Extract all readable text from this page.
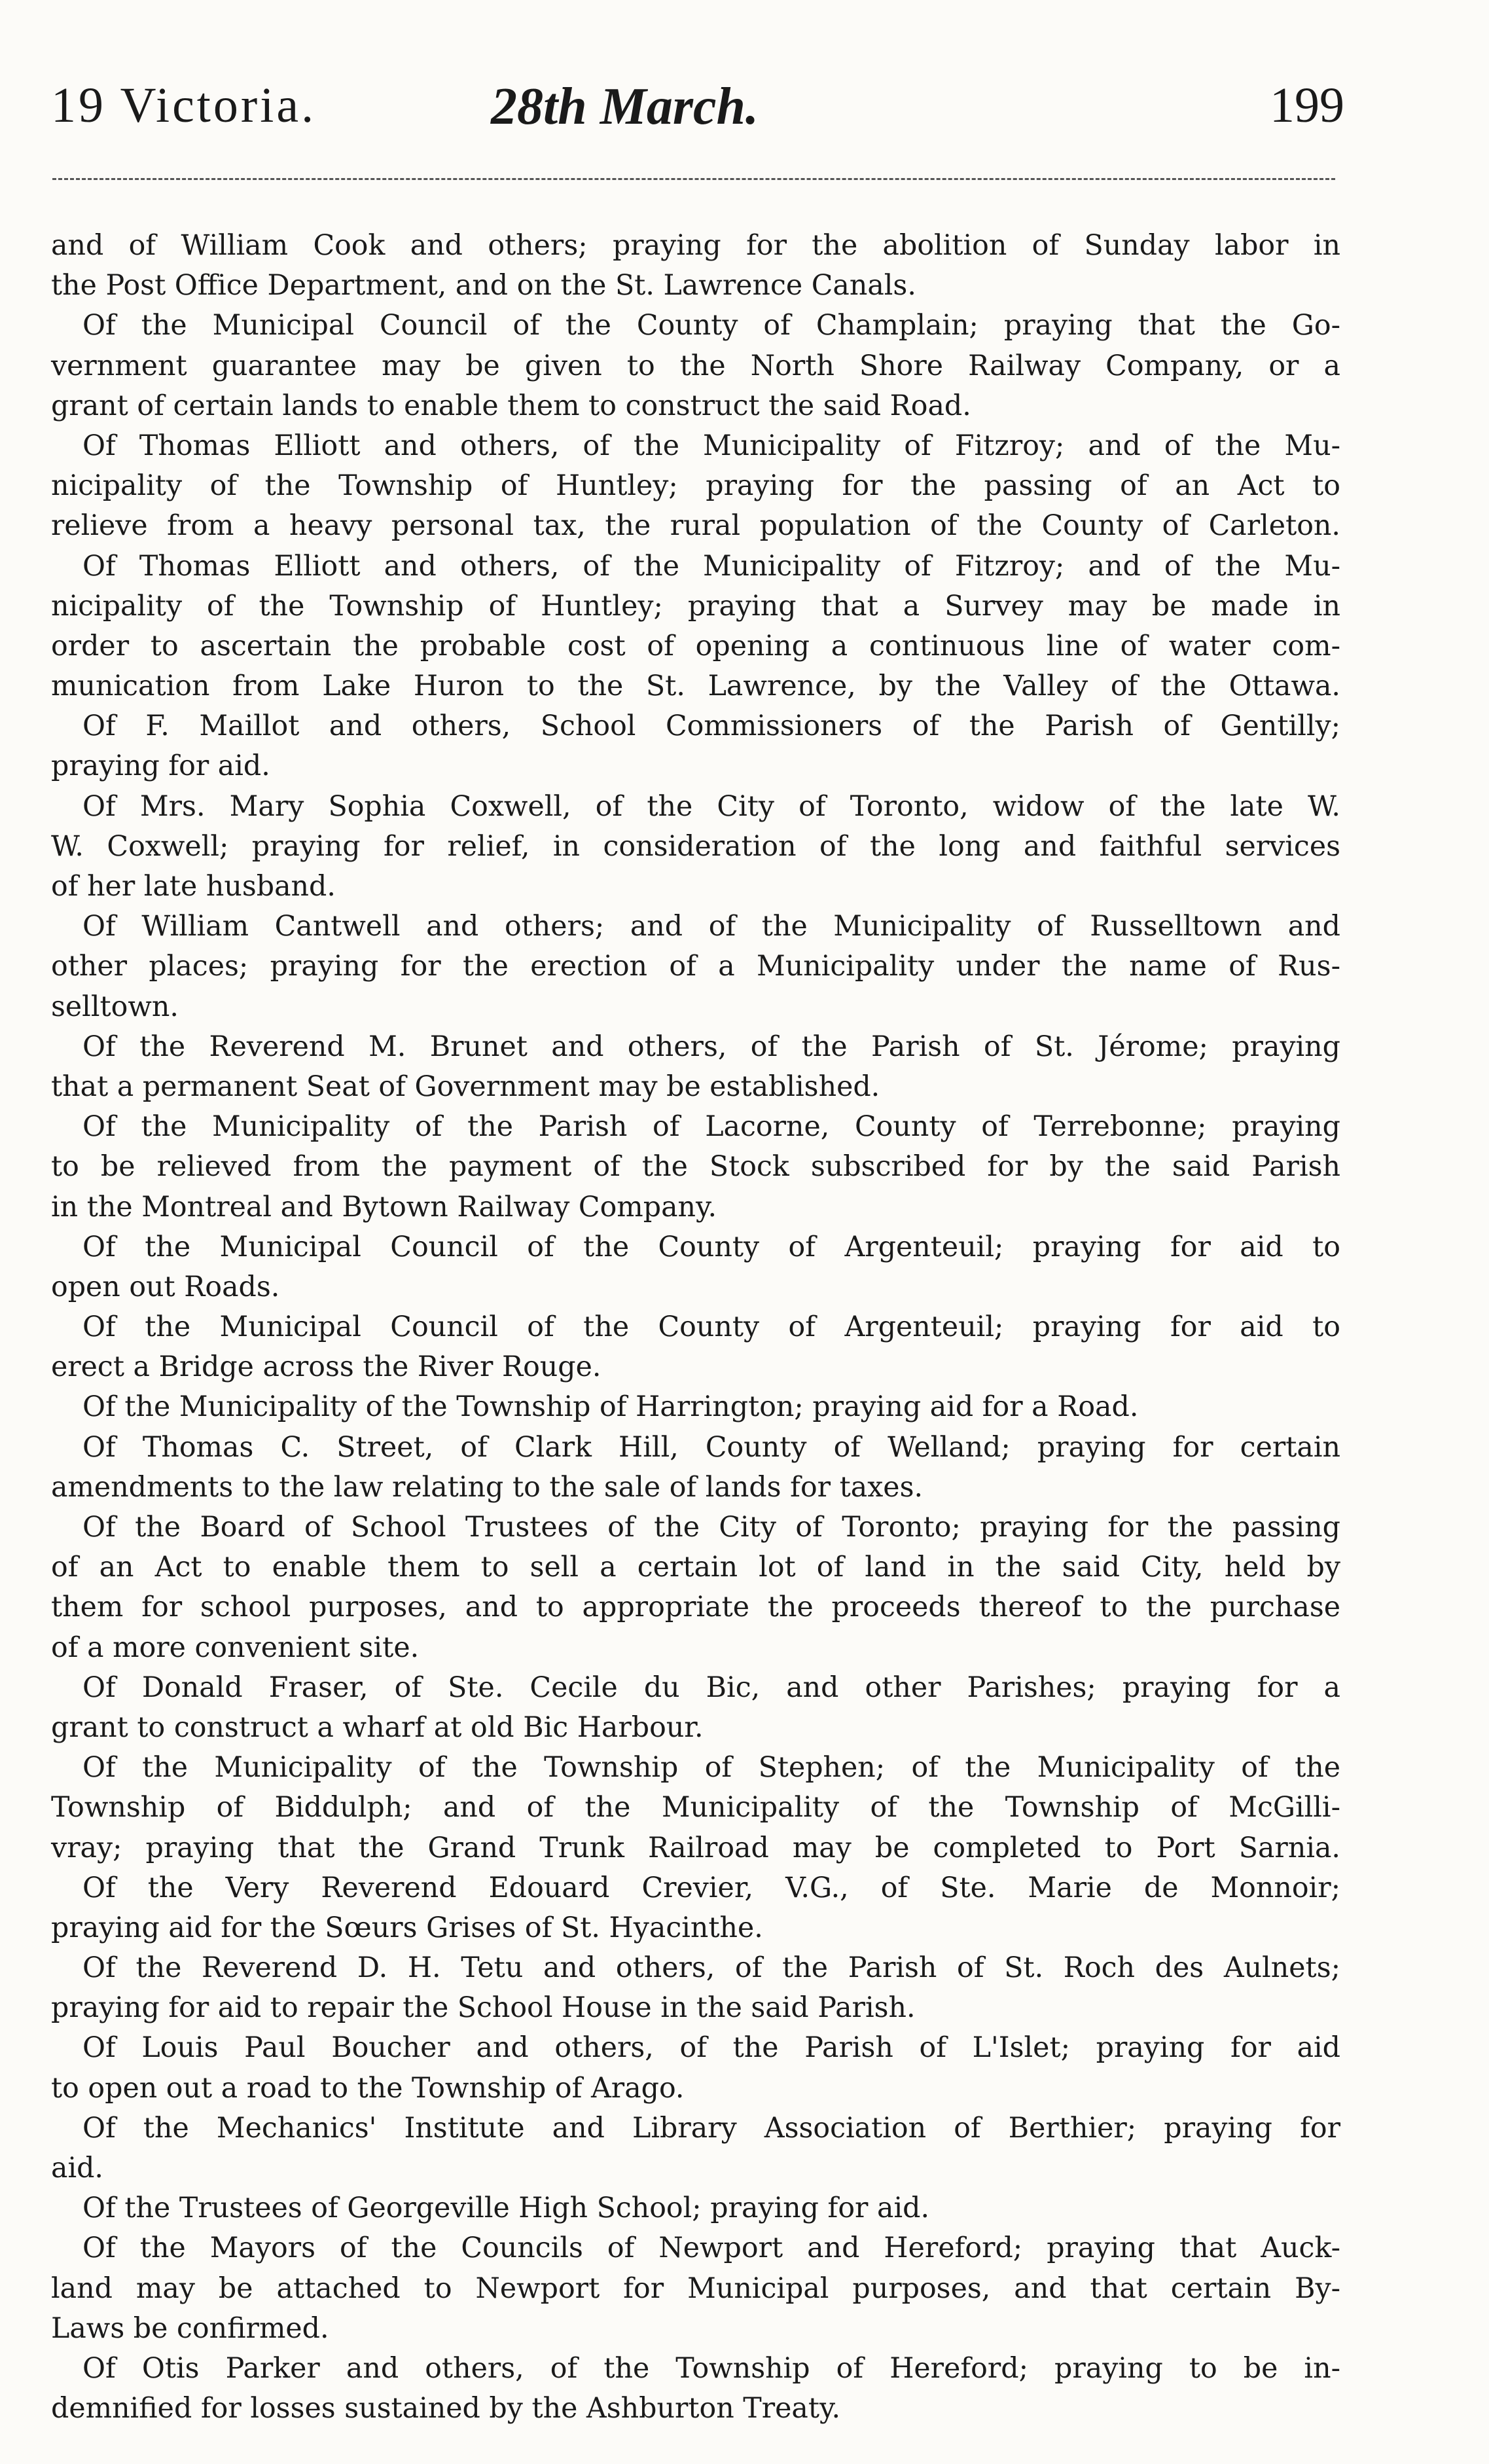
19 Victoria.	28th March.	199
and of William Cook and others; praying for the abolition of Sunday labor in
the Post Office Department, and on the St. Lawrence Canals.
Of the Municipal Council of the County of Champlain; praying that the Go-
vernment guarantee may be given to the North Shore Railway Company, or a
grant of certain lands to enable them to construct the said Road.
Of Thomas Elliott and others, of the Municipality of Fitzroy; and of the Mu-
nicipality of the Township of Huntley; praying for the passing of an Act to
relieve from a heavy personal tax, the rural population of the County of Carleton.
Of Thomas Elliott and others, of the Municipality of Fitzroy; and of the Mu-
nicipality of the Township of Huntley; praying that a Survey may be made in
order to ascertain the probable cost of opening a continuous line of water com-
munication from Lake Huron to the St. Lawrence, by the Valley of the Ottawa.
Of F. Maillot and others, School Commissioners of the Parish of Gentilly;
praying for aid.
Of Mrs. Mary Sophia Coxwell, of the City of Toronto, widow of the late W.
W. Coxwell; praying for relief, in consideration of the long and faithful services
of her late husband.
Of William Cantwell and others; and of the Municipality of Russelltown and
other places; praying for the erection of a Municipality under the name of Rus-
selltown.
Of the Reverend M. Brunet and others, of the Parish of St. Jérome; praying
that a permanent Seat of Government may be established.
Of the Municipality of the Parish of Lacorne, County of Terrebonne; praying
to be relieved from the payment of the Stock subscribed for by the said Parish
in the Montreal and Bytown Railway Company.
Of the Municipal Council of the County of Argenteuil; praying for aid to
open out Roads.
Of the Municipal Council of the County of Argenteuil; praying for aid to
erect a Bridge across the River Rouge.
Of the Municipality of the Township of Harrington; praying aid for a Road.
Of Thomas C. Street, of Clark Hill, County of Welland; praying for certain
amendments to the law relating to the sale of lands for taxes.
Of the Board of School Trustees of the City of Toronto; praying for the passing
of an Act to enable them to sell a certain lot of land in the said City, held by
them for school purposes, and to appropriate the proceeds thereof to the purchase
of a more convenient site.
Of Donald Fraser, of Ste. Cecile du Bic, and other Parishes; praying for a
grant to construct a wharf at old Bic Harbour.
Of the Municipality of the Township of Stephen; of the Municipality of the
Township of Biddulph; and of the Municipality of the Township of McGilli-
vray; praying that the Grand Trunk Railroad may be completed to Port Sarnia.
Of the Very Reverend Edouard Crevier, V.G., of Ste. Marie de Monnoir;
praying aid for the Sœurs Grises of St. Hyacinthe.
Of the Reverend D. H. Tetu and others, of the Parish of St. Roch des Aulnets;
praying for aid to repair the School House in the said Parish.
Of Louis Paul Boucher and others, of the Parish of L'Islet; praying for aid
to open out a road to the Township of Arago.
Of the Mechanics' Institute and Library Association of Berthier; praying for
aid.
Of the Trustees of Georgeville High School; praying for aid.
Of the Mayors of the Councils of Newport and Hereford; praying that Auck-
land may be attached to Newport for Municipal purposes, and that certain By-
Laws be confirmed.
Of Otis Parker and others, of the Township of Hereford; praying to be in-
demnified for losses sustained by the Ashburton Treaty.
